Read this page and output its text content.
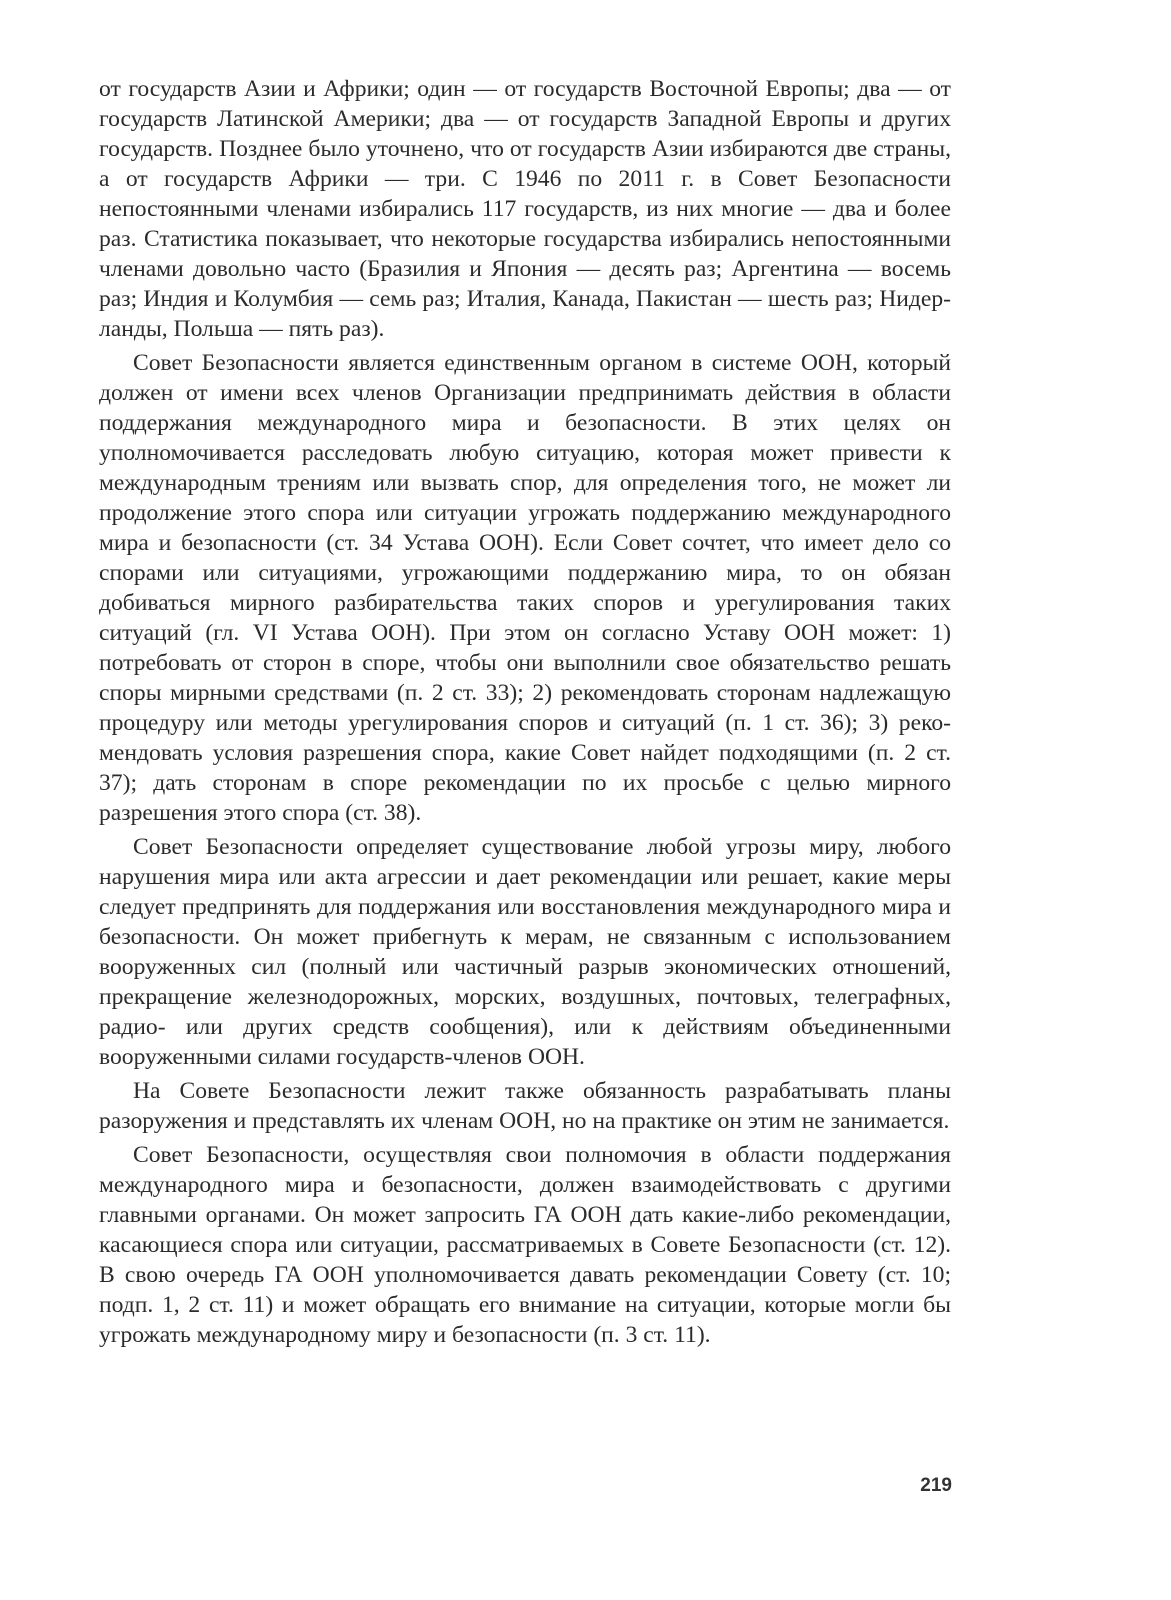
от государств Азии и Африки; один — от государств Восточной Европы; два — от государств Латинской Америки; два — от государств Западной Европы и других государств. Позднее было уточнено, что от государств Азии избираются две страны, а от государств Африки — три. С 1946 по 2011 г. в Совет Безопасности непостоянными членами избирались 117 государств, из них многие — два и более раз. Статистика показывает, что некоторые государства избирались непостоянными членами довольно часто (Бразилия и Япония — десять раз; Аргентина — восемь раз; Индия и Колумбия — семь раз; Италия, Канада, Пакистан — шесть раз; Нидерланды, Польша — пять раз).

Совет Безопасности является единственным органом в системе ООН, который должен от имени всех членов Организации предпринимать действия в области поддержания международного мира и безопасности. В этих целях он уполномочивается расследовать любую ситуацию, которая может привести к международным трениям или вызвать спор, для определения того, не может ли продолжение этого спора или ситуации угрожать поддержанию международного мира и безопасности (ст. 34 Устава ООН). Если Совет сочтет, что имеет дело со спорами или ситуациями, угрожающими поддержанию мира, то он обязан добиваться мирного разбирательства таких споров и урегулирования таких ситуаций (гл. VI Устава ООН). При этом он согласно Уставу ООН может: 1) потребовать от сторон в споре, чтобы они выполнили свое обязательство решать споры мирными средствами (п. 2 ст. 33); 2) рекомендовать сторонам надлежащую процедуру или методы урегулирования споров и ситуаций (п. 1 ст. 36); 3) рекомендовать условия разрешения спора, какие Совет найдет подходящими (п. 2 ст. 37); дать сторонам в споре рекомендации по их просьбе с целью мирного разрешения этого спора (ст. 38).

Совет Безопасности определяет существование любой угрозы миру, любого нарушения мира или акта агрессии и дает рекомендации или решает, какие меры следует предпринять для поддержания или восстановления международного мира и безопасности. Он может прибегнуть к мерам, не связанным с использованием вооруженных сил (полный или частичный разрыв экономических отношений, прекращение железнодорожных, морских, воздушных, почтовых, телеграфных, радио- или других средств сообщения), или к действиям объединенными вооруженными силами государств-членов ООН.

На Совете Безопасности лежит также обязанность разрабатывать планы разоружения и представлять их членам ООН, но на практике он этим не занимается.

Совет Безопасности, осуществляя свои полномочия в области поддержания международного мира и безопасности, должен взаимодействовать с другими главными органами. Он может запросить ГА ООН дать какие-либо рекомендации, касающиеся спора или ситуации, рассматриваемых в Совете Безопасности (ст. 12). В свою очередь ГА ООН уполномочивается давать рекомендации Совету (ст. 10; подп. 1, 2 ст. 11) и может обращать его внимание на ситуации, которые могли бы угрожать международному миру и безопасности (п. 3 ст. 11).

219
